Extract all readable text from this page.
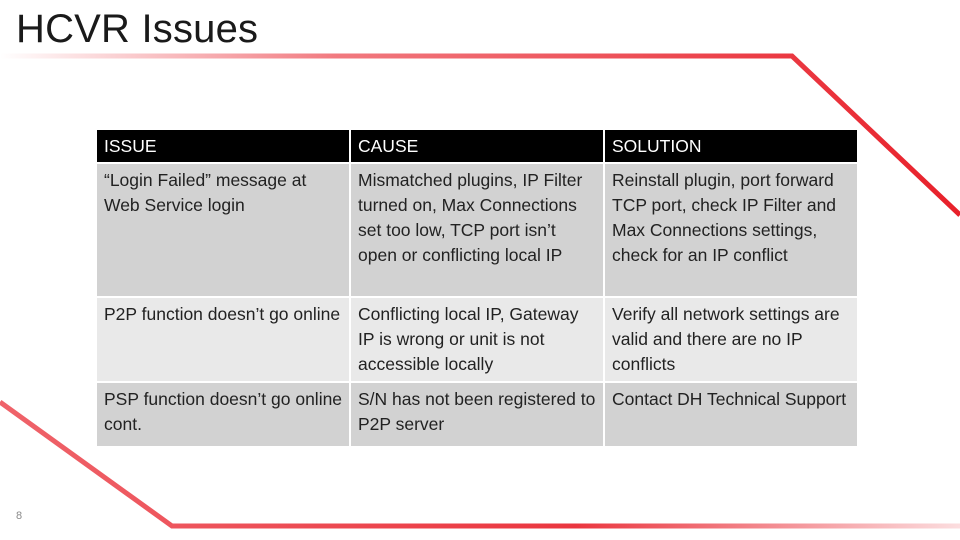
HCVR Issues
ISSUE	CAUSE	SOLUTION
“Login Failed” message at Web Service login	Mismatched plugins, IP Filter turned on, Max Connections set too low, TCP port isn’t open or conflicting local IP	Reinstall plugin, port forward TCP port, check IP Filter and Max Connections settings, check for an IP conflict
P2P function doesn’t go online	Conflicting local IP, Gateway IP is wrong or unit is not accessible locally	Verify all network settings are valid and there are no IP conflicts
PSP function doesn’t go online cont.	S/N has not been registered to P2P server	Contact DH Technical Support
8
